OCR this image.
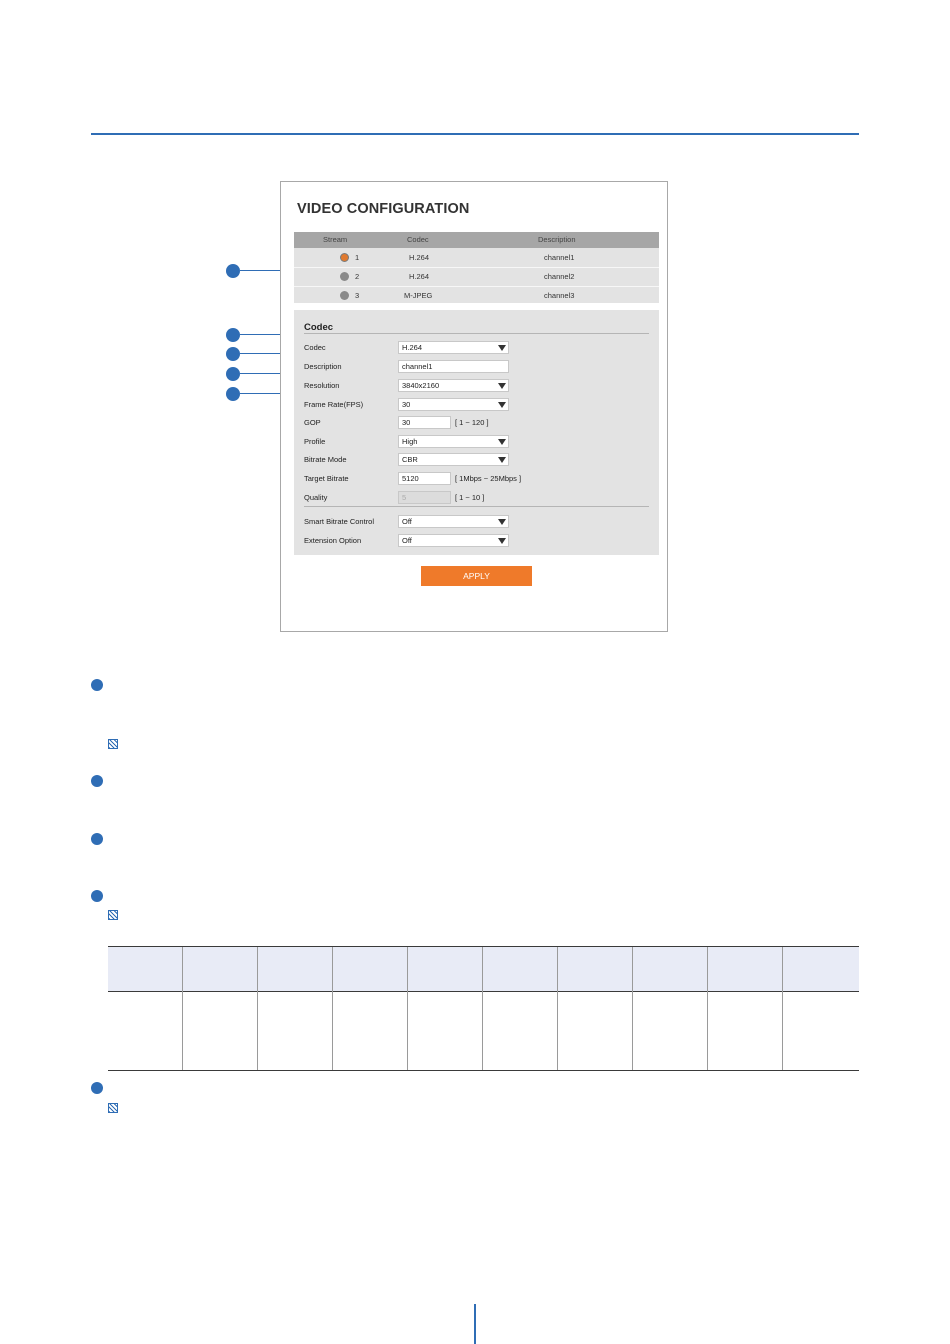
VIDEO CONFIGURATION
Stream	Codec	Description
1	H.264	channel1
2	H.264	channel2
3	M-JPEG	channel3
Codec
Codec	H.264
Description	channel1
Resolution	3840x2160
Frame Rate(FPS)	30
GOP	30	[ 1 ~ 120 ]
Profile	High
Bitrate Mode	CBR
Target Bitrate	5120	[ 1Mbps ~ 25Mbps ]
Quality	5	[ 1 ~ 10 ]
Smart Bitrate Control	Off
Extension Option	Off
APPLY
